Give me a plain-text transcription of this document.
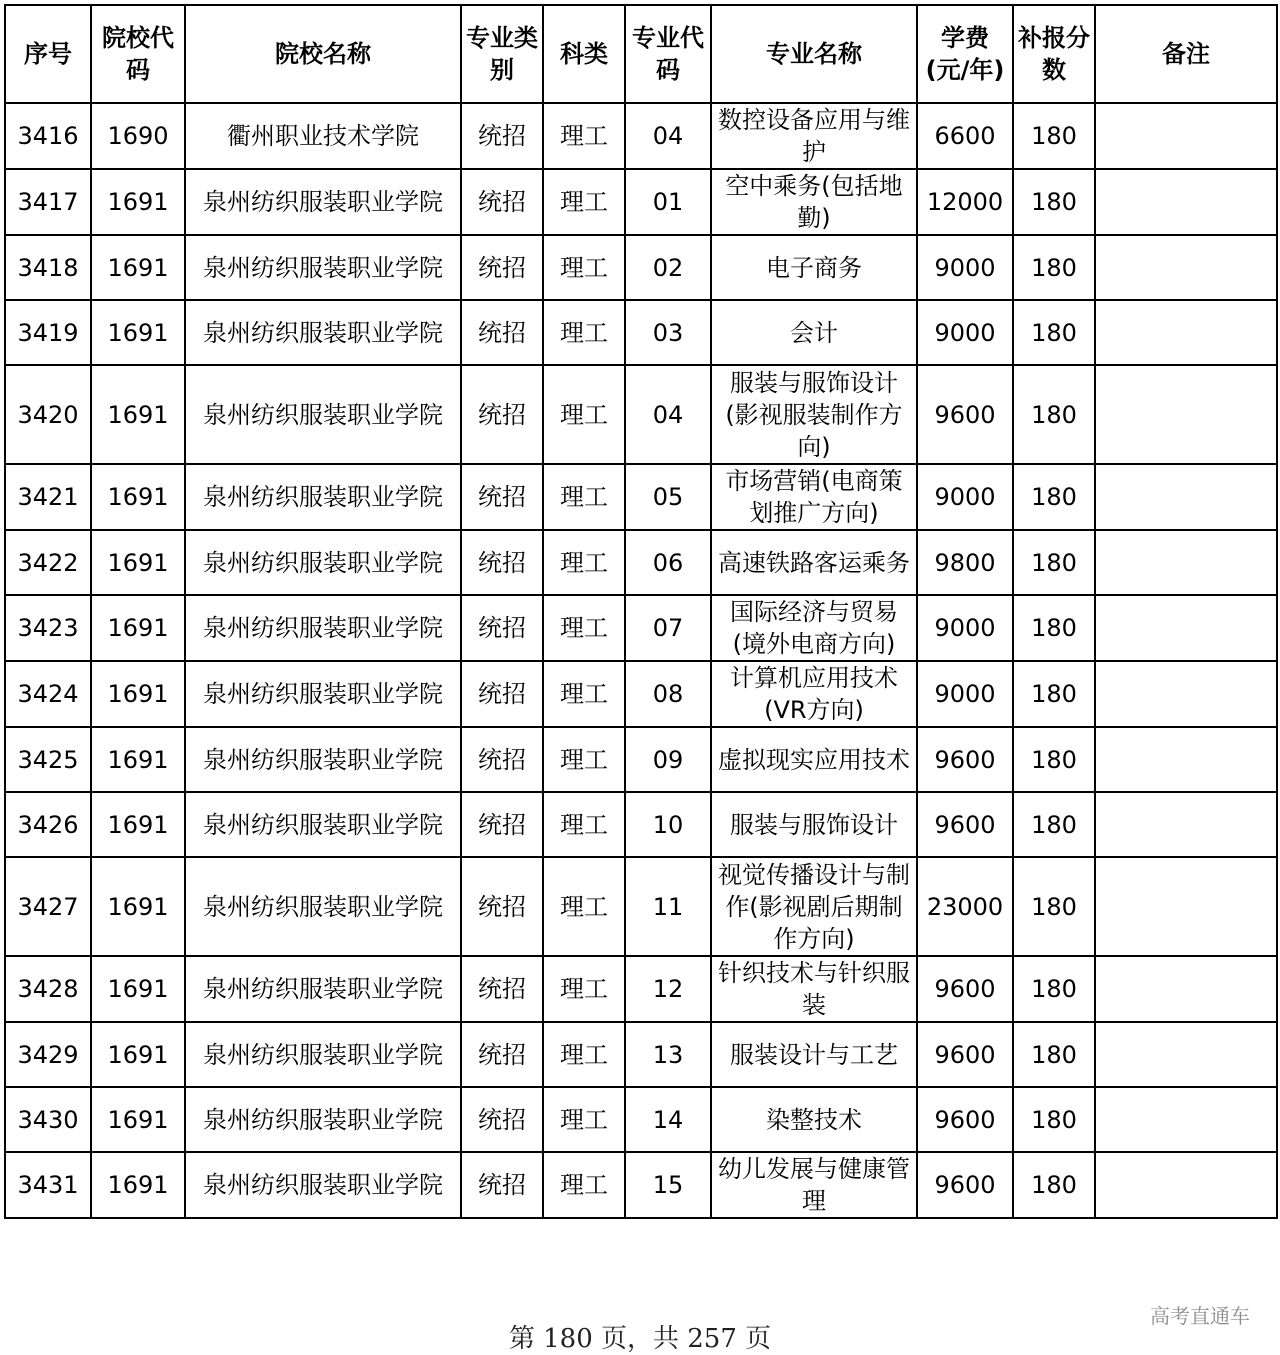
序号	院校代码	院校名称	专业类别	科类	专业代码	专业名称	学费(元/年)	补报分数	备注
3416	1690	衢州职业技术学院	统招	理工	04	数控设备应用与维护	6600	180	
3417	1691	泉州纺织服装职业学院	统招	理工	01	空中乘务(包括地勤)	12000	180	
3418	1691	泉州纺织服装职业学院	统招	理工	02	电子商务	9000	180	
3419	1691	泉州纺织服装职业学院	统招	理工	03	会计	9000	180	
3420	1691	泉州纺织服装职业学院	统招	理工	04	服装与服饰设计(影视服装制作方向)	9600	180	
3421	1691	泉州纺织服装职业学院	统招	理工	05	市场营销(电商策划推广方向)	9000	180	
3422	1691	泉州纺织服装职业学院	统招	理工	06	高速铁路客运乘务	9800	180	
3423	1691	泉州纺织服装职业学院	统招	理工	07	国际经济与贸易(境外电商方向)	9000	180	
3424	1691	泉州纺织服装职业学院	统招	理工	08	计算机应用技术(VR方向)	9000	180	
3425	1691	泉州纺织服装职业学院	统招	理工	09	虚拟现实应用技术	9600	180	
3426	1691	泉州纺织服装职业学院	统招	理工	10	服装与服饰设计	9600	180	
3427	1691	泉州纺织服装职业学院	统招	理工	11	视觉传播设计与制作(影视剧后期制作方向)	23000	180	
3428	1691	泉州纺织服装职业学院	统招	理工	12	针织技术与针织服装	9600	180	
3429	1691	泉州纺织服装职业学院	统招	理工	13	服装设计与工艺	9600	180	
3430	1691	泉州纺织服装职业学院	统招	理工	14	染整技术	9600	180	
3431	1691	泉州纺织服装职业学院	统招	理工	15	幼儿发展与健康管理	9600	180	
第 180 页，共 257 页
高考直通车
